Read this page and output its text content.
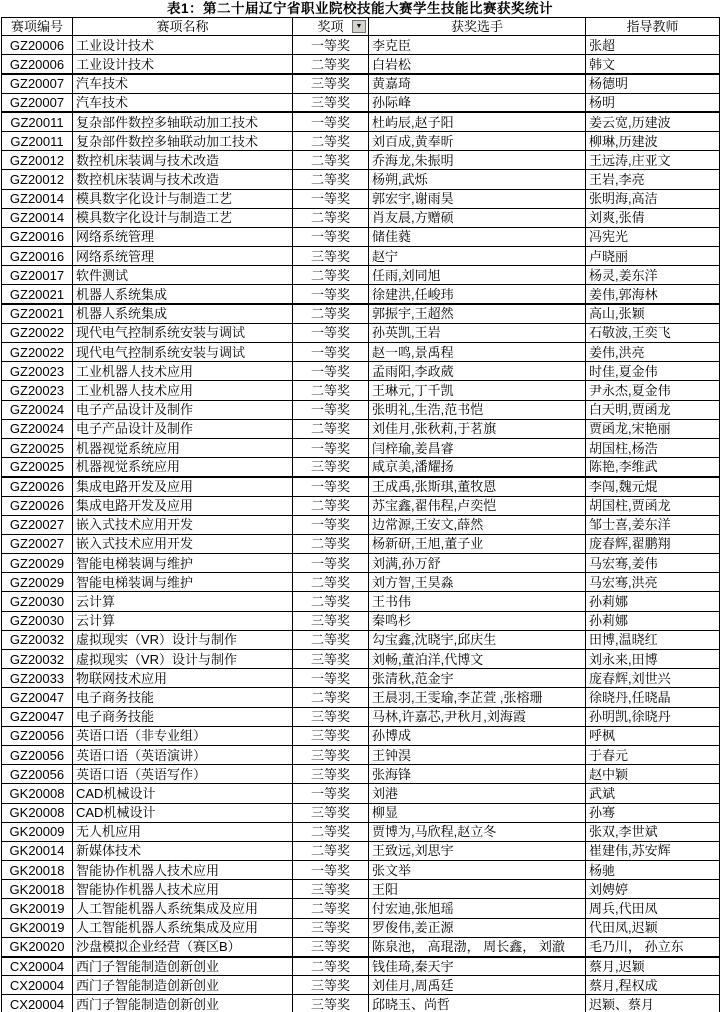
表1：第二十届辽宁省职业院校技能大赛学生技能比赛获奖统计
赛项编号	赛项名称	奖项 ▼	获奖选手	指导教师
GZ20006	工业设计技术	一等奖	李克臣	张超
GZ20006	工业设计技术	二等奖	白岩松	韩文
GZ20007	汽车技术	三等奖	黄嘉琦	杨德明
GZ20007	汽车技术	三等奖	孙际峰	杨明
GZ20011	复杂部件数控多轴联动加工技术	一等奖	杜屿辰,赵子阳	姜云宽,历建波
GZ20011	复杂部件数控多轴联动加工技术	二等奖	刘百成,黄奉昕	柳琳,历建波
GZ20012	数控机床装调与技术改造	二等奖	乔海龙,朱振明	王远涛,庄亚文
GZ20012	数控机床装调与技术改造	二等奖	杨朔,武烁	王岩,李亮
GZ20014	模具数字化设计与制造工艺	一等奖	郭宏宇,谢雨昊	张明海,高洁
GZ20014	模具数字化设计与制造工艺	二等奖	肖友晨,方赠硕	刘爽,张倩
GZ20016	网络系统管理	一等奖	储佳蕤	冯宪光
GZ20016	网络系统管理	三等奖	赵宁	卢晓丽
GZ20017	软件测试	二等奖	任雨,刘同旭	杨灵,姜东洋
GZ20021	机器人系统集成	一等奖	徐建洪,任峻玮	姜伟,郭海林
GZ20021	机器人系统集成	二等奖	郭振宇,王超然	高山,张颖
GZ20022	现代电气控制系统安装与调试	一等奖	孙英凯,王岩	石敬波,王奕飞
GZ20022	现代电气控制系统安装与调试	一等奖	赵一鸣,景禹程	姜伟,洪亮
GZ20023	工业机器人技术应用	一等奖	孟雨阳,李政葳	时佳,夏金伟
GZ20023	工业机器人技术应用	二等奖	王琳元,丁千凯	尹永杰,夏金伟
GZ20024	电子产品设计及制作	一等奖	张明礼,生浩,范书恺	白天明,贾函龙
GZ20024	电子产品设计及制作	二等奖	刘佳月,张秋莉,于茗旗	贾函龙,宋艳丽
GZ20025	机器视觉系统应用	一等奖	闫梓瑜,姜昌睿	胡国柱,杨浩
GZ20025	机器视觉系统应用	三等奖	咸京美,潘耀扬	陈艳,李维武
GZ20026	集成电路开发及应用	一等奖	王成禹,张斯琪,董牧恩	李闯,魏元焜
GZ20026	集成电路开发及应用	二等奖	苏宝鑫,翟伟程,卢奕恺	胡国柱,贾函龙
GZ20027	嵌入式技术应用开发	一等奖	边常源,王安文,薛然	邹士喜,姜东洋
GZ20027	嵌入式技术应用开发	二等奖	杨新研,王旭,董子业	庞春辉,翟鹏翔
GZ20029	智能电梯装调与维护	一等奖	刘满,孙万舒	马宏骞,姜伟
GZ20029	智能电梯装调与维护	二等奖	刘方智,王昊淼	马宏骞,洪亮
GZ20030	云计算	二等奖	王书伟	孙莉娜
GZ20030	云计算	三等奖	秦鸣杉	孙莉娜
GZ20032	虚拟现实（VR）设计与制作	二等奖	勾宝鑫,沈晓宇,邱庆生	田博,温晓红
GZ20032	虚拟现实（VR）设计与制作	三等奖	刘畅,董泊洋,代博文	刘永来,田博
GZ20033	物联网技术应用	一等奖	张清秋,范金宇	庞春辉,刘世兴
GZ20047	电子商务技能	二等奖	王晨羽,王雯瑜,李芷萱 ,张榕珊	徐晓丹,任晓晶
GZ20047	电子商务技能	三等奖	马林,许嘉芯,尹秋月,刘海霞	孙明凯,徐晓丹
GZ20056	英语口语（非专业组）	三等奖	孙博成	呼枫
GZ20056	英语口语（英语演讲）	三等奖	王钟淏	于春元
GZ20056	英语口语（英语写作）	三等奖	张海锋	赵中颖
GK20008	CAD机械设计	一等奖	刘港	武斌
GK20008	CAD机械设计	三等奖	柳显	孙骞
GK20009	无人机应用	二等奖	贾博为,马欣程,赵立冬	张双,李世斌
GK20014	新媒体技术	二等奖	王致远,刘思宇	崔建伟,苏安辉
GK20018	智能协作机器人技术应用	一等奖	张文举	杨驰
GK20018	智能协作机器人技术应用	三等奖	王阳	刘娉婷
GK20019	人工智能机器人系统集成及应用	二等奖	付宏迪,张旭瑶	周兵,代田凤
GK20019	人工智能机器人系统集成及应用	三等奖	罗俊伟,姜正源	代田凤,迟颖
GK20020	沙盘模拟企业经营（赛区B）	三等奖	陈泉池， 高琨渤， 周长鑫， 刘澈	毛乃川， 孙立东
CX20004	西门子智能制造创新创业	二等奖	钱佳琦,秦天宇	蔡月,迟颖
CX20004	西门子智能制造创新创业	三等奖	刘佳月,周禹廷	蔡月,程权成
CX20004	西门子智能制造创新创业	三等奖	邱晓玉、尚哲	迟颖、蔡月
